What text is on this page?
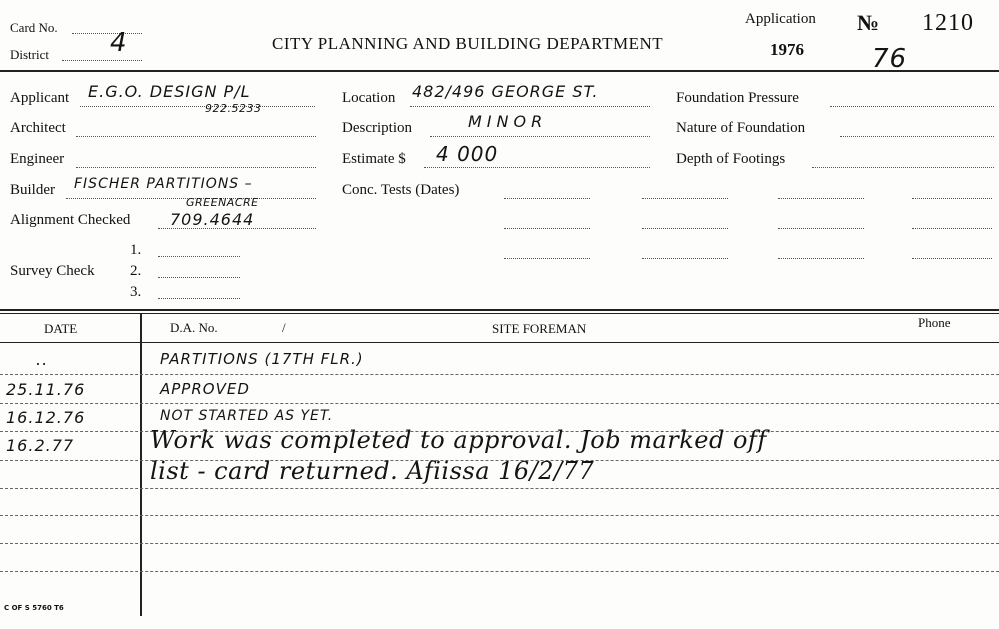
Card No.
District 4	CITY PLANNING AND BUILDING DEPARTMENT
Application
1976
№ 1210
76
Applicant E.G.O. DESIGN P/L
922.5233
Architect
Engineer
Builder FISCHER PARTITIONS –
GREENACRE
Alignment Checked 709.4644
Survey Check
1.
2.
3.
Location 482/496 GEORGE ST.
Description	MINOR
Estimate $ 4 000
Conc. Tests (Dates)
Foundation Pressure
Nature of Foundation
Depth of Footings
DATE	D.A. No.	/	SITE FOREMAN	Phone
..	PARTITIONS (17TH FLR.)
25.11.76	APPROVED
16.12.76	NOT STARTED AS YET.
16.2.77	Work was completed to approval. Job marked off
list - card returned. Afiissa 16/2/77
C OF S 5760 T6
